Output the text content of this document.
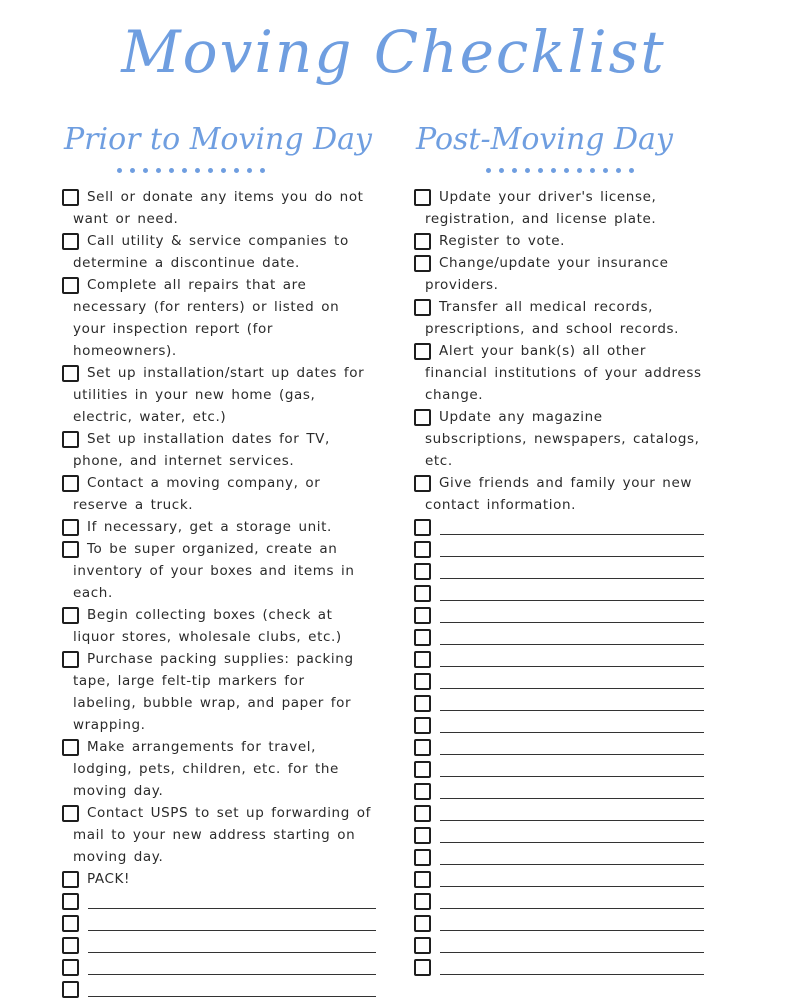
Moving Checklist
Prior to Moving Day
Sell or donate any items you do not want or need.
Call utility & service companies to determine a discontinue date.
Complete all repairs that are necessary (for renters) or listed on your inspection report (for homeowners).
Set up installation/start up dates for utilities in your new home (gas, electric, water, etc.)
Set up installation dates for TV, phone, and internet services.
Contact a moving company, or reserve a truck.
If necessary, get a storage unit.
To be super organized, create an inventory of your boxes and items in each.
Begin collecting boxes (check at liquor stores, wholesale clubs, etc.)
Purchase packing supplies: packing tape, large felt-tip markers for labeling, bubble wrap, and paper for wrapping.
Make arrangements for travel, lodging, pets, children, etc. for the moving day.
Contact USPS to set up forwarding of mail to your new address starting on moving day.
PACK!
Post-Moving Day
Update your driver's license, registration, and license plate.
Register to vote.
Change/update your insurance providers.
Transfer all medical records, prescriptions, and school records.
Alert your bank(s) all other financial institutions of your address change.
Update any magazine subscriptions, newspapers, catalogs, etc.
Give friends and family your new contact information.
